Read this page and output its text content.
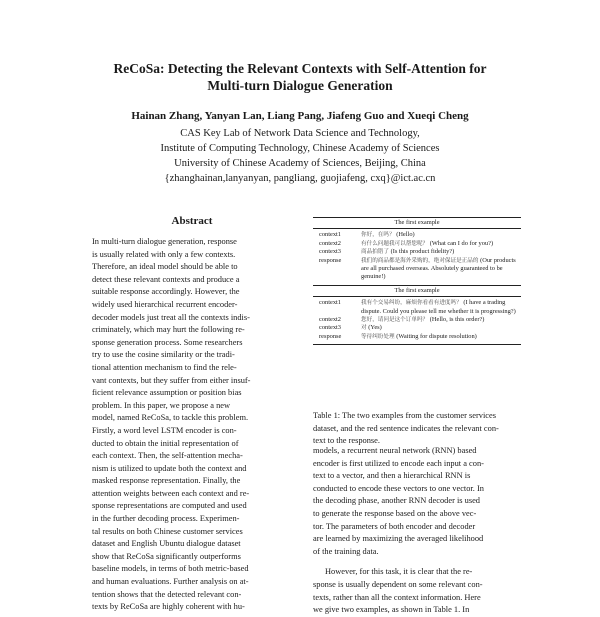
ReCoSa: Detecting the Relevant Contexts with Self-Attention for
Multi-turn Dialogue Generation
Hainan Zhang, Yanyan Lan, Liang Pang, Jiafeng Guo and Xueqi Cheng
CAS Key Lab of Network Data Science and Technology,
Institute of Computing Technology, Chinese Academy of Sciences
University of Chinese Academy of Sciences, Beijing, China
{zhanghainan,lanyanyan, pangliang, guojiafeng, cxq}@ict.ac.cn
Abstract
In multi-turn dialogue generation, response
is usually related with only a few contexts.
Therefore, an ideal model should be able to
detect these relevant contexts and produce a
suitable response accordingly. However, the
widely used hierarchical recurrent encoder-
decoder models just treat all the contexts indis-
criminately, which may hurt the following re-
sponse generation process. Some researchers
try to use the cosine similarity or the tradi-
tional attention mechanism to find the rele-
vant contexts, but they suffer from either insuf-
ficient relevance assumption or position bias
problem. In this paper, we propose a new
model, named ReCoSa, to tackle this problem.
Firstly, a word level LSTM encoder is con-
ducted to obtain the initial representation of
each context. Then, the self-attention mecha-
nism is utilized to update both the context and
masked response representation. Finally, the
attention weights between each context and re-
sponse representations are computed and used
in the further decoding process. Experimen-
tal results on both Chinese customer services
dataset and English Ubuntu dialogue dataset
show that ReCoSa significantly outperforms
baseline models, in terms of both metric-based
and human evaluations. Further analysis on at-
tention shows that the detected relevant con-
texts by ReCoSa are highly coherent with hu-
The first example
context1	你好，在吗？ (Hello)
context2	有什么问题我可以帮您呢？ (What can I do for you?)
context3	商品拍错了 (Is this product fidelity?)
response	我们的商品都是海外采购的，绝对保证是正品的 (Our products are all purchased overseas. Absolutely guaranteed to be genuine!)
The first example
context1	我有个交易纠纷，麻烦你看看有进度吗？ (I have a trading dispute. Could you please tell me whether it is progressing?)
context2	您好，请问是这个订单吗？ (Hello, is this order?)
context3	对 (Yes)
response	等待纠纷处理 (Waiting for dispute resolution)
Table 1: The two examples from the customer services
dataset, and the red sentence indicates the relevant con-
text to the response.
models, a recurrent neural network (RNN) based
encoder is first utilized to encode each input a con-
text to a vector, and then a hierarchical RNN is
conducted to encode these vectors to one vector. In
the decoding phase, another RNN decoder is used
to generate the response based on the above vec-
tor. The parameters of both encoder and decoder
are learned by maximizing the averaged likelihood
of the training data.
However, for this task, it is clear that the re-
sponse is usually dependent on some relevant con-
texts, rather than all the context information. Here
we give two examples, as shown in Table 1. In
